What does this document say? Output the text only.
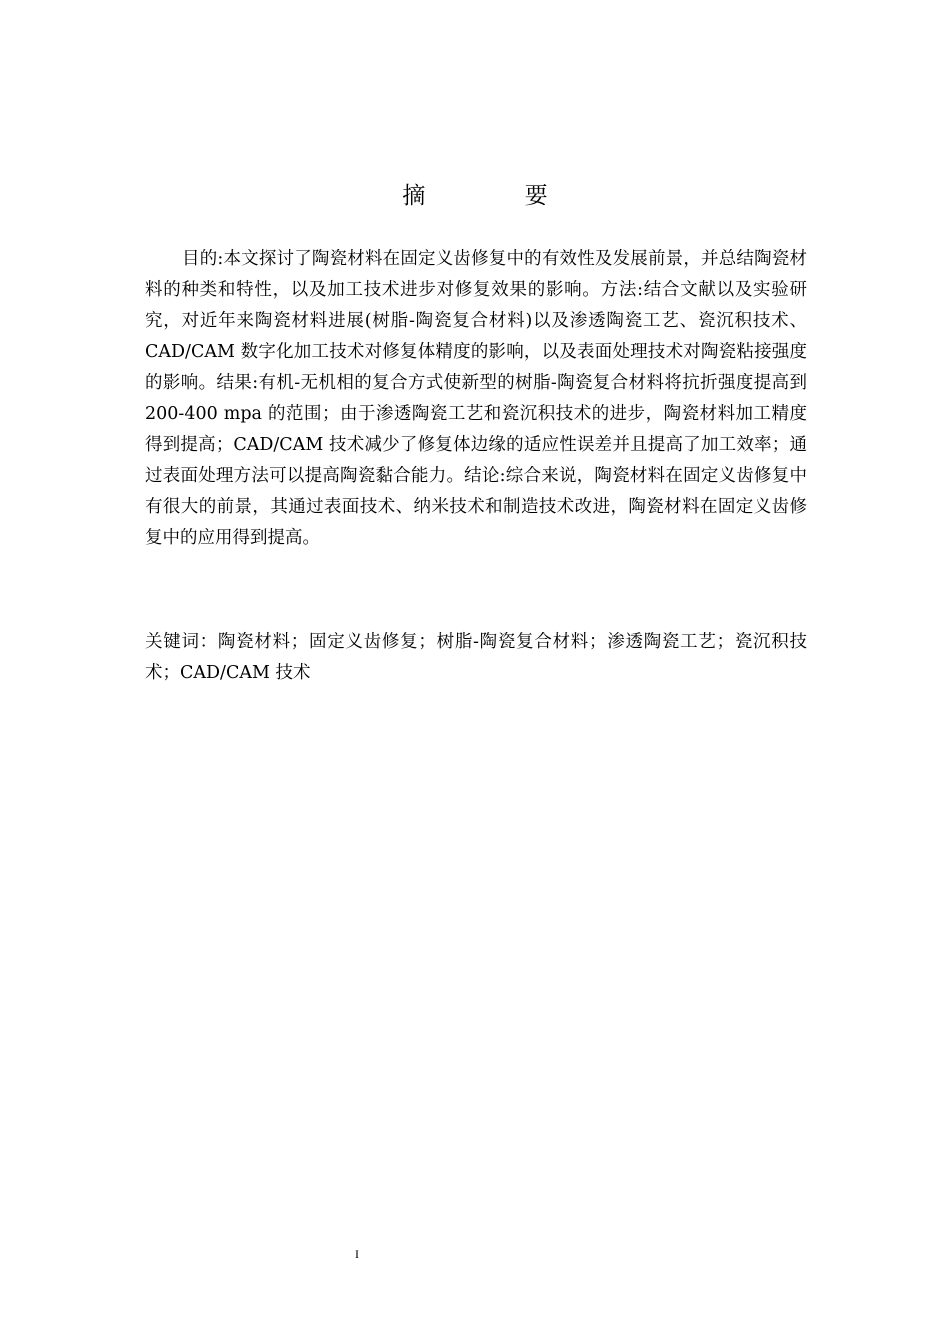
摘 要

目的:本文探讨了陶瓷材料在固定义齿修复中的有效性及发展前景，并总结陶瓷材料的种类和特性，以及加工技术进步对修复效果的影响。方法:结合文献以及实验研究，对近年来陶瓷材料进展(树脂-陶瓷复合材料)以及渗透陶瓷工艺、瓷沉积技术、CAD/CAM 数字化加工技术对修复体精度的影响，以及表面处理技术对陶瓷粘接强度的影响。结果:有机-无机相的复合方式使新型的树脂-陶瓷复合材料将抗折强度提高到 200-400 mpa 的范围；由于渗透陶瓷工艺和瓷沉积技术的进步，陶瓷材料加工精度得到提高；CAD/CAM 技术减少了修复体边缘的适应性误差并且提高了加工效率；通过表面处理方法可以提高陶瓷黏合能力。结论:综合来说，陶瓷材料在固定义齿修复中有很大的前景，其通过表面技术、纳米技术和制造技术改进，陶瓷材料在固定义齿修复中的应用得到提高。

关键词：陶瓷材料；固定义齿修复；树脂-陶瓷复合材料；渗透陶瓷工艺；瓷沉积技术；CAD/CAM 技术

I
